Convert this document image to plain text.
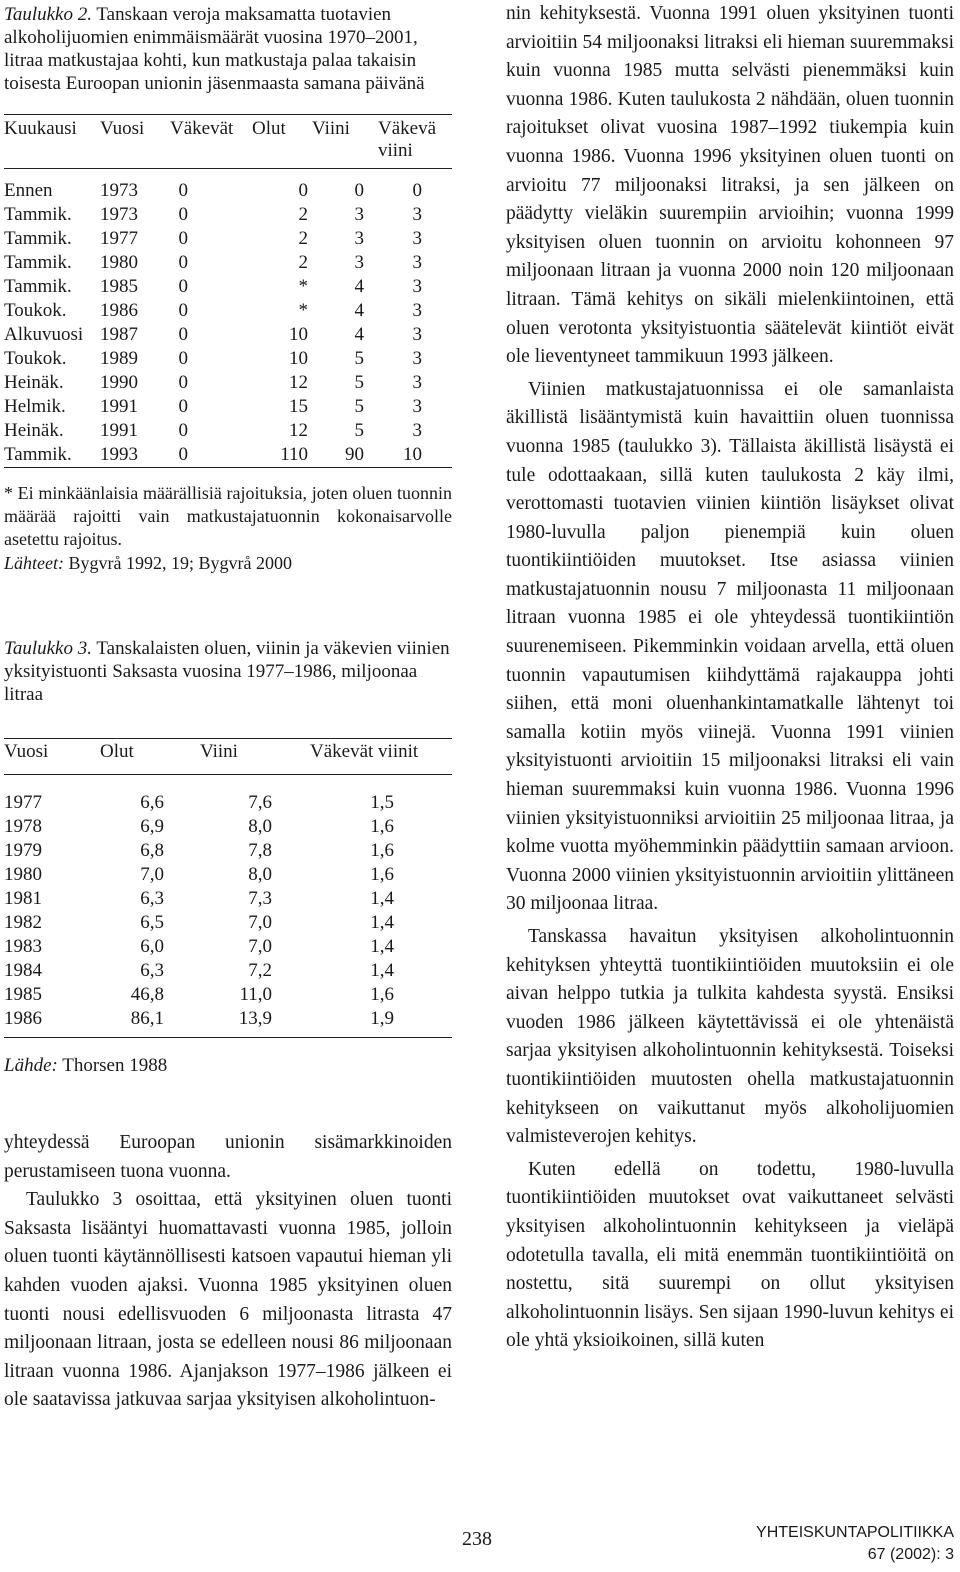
Taulukko 2. Tanskaan veroja maksamatta tuotavien alkoholijuomien enimmäismäärät vuosina 1970–2001, litraa matkustajaa kohti, kun matkustaja palaa takaisin toisesta Euroopan unionin jäsenmaasta samana päivänä
Kuukausi	Vuosi	Väkevät	Olut	Viini	Väkevä viini
Ennen	1973	0	0	0	0
Tammik.	1973	0	2	3	3
Tammik.	1977	0	2	3	3
Tammik.	1980	0	2	3	3
Tammik.	1985	0	*	4	3
Toukok.	1986	0	*	4	3
Alkuvuosi	1987	0	10	4	3
Toukok.	1989	0	10	5	3
Heinäk.	1990	0	12	5	3
Helmik.	1991	0	15	5	3
Heinäk.	1991	0	12	5	3
Tammik.	1993	0	110	90	10
* Ei minkäänlaisia määrällisiä rajoituksia, joten oluen tuonnin määrää rajoitti vain matkustajatuonnin kokonaisarvolle asetettu rajoitus.
Lähteet: Bygvrå 1992, 19; Bygvrå 2000
Taulukko 3. Tanskalaisten oluen, viinin ja väkevien viinien yksityistuonti Saksasta vuosina 1977–1986, miljoonaa litraa
Vuosi	Olut	Viini	Väkevät viinit
1977	6,6	7,6	1,5
1978	6,9	8,0	1,6
1979	6,8	7,8	1,6
1980	7,0	8,0	1,6
1981	6,3	7,3	1,4
1982	6,5	7,0	1,4
1983	6,0	7,0	1,4
1984	6,3	7,2	1,4
1985	46,8	11,0	1,6
1986	86,1	13,9	1,9
Lähde: Thorsen 1988

yhteydessä Euroopan unionin sisämarkkinoiden perustamiseen tuona vuonna.

Taulukko 3 osoittaa, että yksityinen oluen tuonti Saksasta lisääntyi huomattavasti vuonna 1985, jolloin oluen tuonti käytännöllisesti katsoen vapautui hieman yli kahden vuoden ajaksi. Vuonna 1985 yksityinen oluen tuonti nousi edellisvuoden 6 miljoonasta litrasta 47 miljoonaan litraan, josta se edelleen nousi 86 miljoonaan litraan vuonna 1986. Ajanjakson 1977–1986 jälkeen ei ole saatavissa jatkuvaa sarjaa yksityisen alkoholintuon-

nin kehityksestä. Vuonna 1991 oluen yksityinen tuonti arvioitiin 54 miljoonaksi litraksi eli hieman suuremmaksi kuin vuonna 1985 mutta selvästi pienemmäksi kuin vuonna 1986. Kuten taulukosta 2 nähdään, oluen tuonnin rajoitukset olivat vuosina 1987–1992 tiukempia kuin vuonna 1986. Vuonna 1996 yksityinen oluen tuonti on arvioitu 77 miljoonaksi litraksi, ja sen jälkeen on päädytty vieläkin suurempiin arvioihin; vuonna 1999 yksityisen oluen tuonnin on arvioitu kohonneen 97 miljoonaan litraan ja vuonna 2000 noin 120 miljoonaan litraan. Tämä kehitys on sikäli mielenkiintoinen, että oluen verotonta yksityistuontia säätelevät kiintiöt eivät ole lieventyneet tammikuun 1993 jälkeen.

Viinien matkustajatuonnissa ei ole samanlaista äkillistä lisääntymistä kuin havaittiin oluen tuonnissa vuonna 1985 (taulukko 3). Tällaista äkillistä lisäystä ei tule odottaakaan, sillä kuten taulukosta 2 käy ilmi, verottomasti tuotavien viinien kiintiön lisäykset olivat 1980-luvulla paljon pienempiä kuin oluen tuontikiintiöiden muutokset. Itse asiassa viinien matkustajatuonnin nousu 7 miljoonasta 11 miljoonaan litraan vuonna 1985 ei ole yhteydessä tuontikiintiön suurenemiseen. Pikemminkin voidaan arvella, että oluen tuonnin vapautumisen kiihdyttämä rajakauppa johti siihen, että moni oluenhankintamatkalle lähtenyt toi samalla kotiin myös viinejä. Vuonna 1991 viinien yksityistuonti arvioitiin 15 miljoonaksi litraksi eli vain hieman suuremmaksi kuin vuonna 1986. Vuonna 1996 viinien yksityistuonniksi arvioitiin 25 miljoonaa litraa, ja kolme vuotta myöhemminkin päädyttiin samaan arvioon. Vuonna 2000 viinien yksityistuonnin arvioitiin ylittäneen 30 miljoonaa litraa.

Tanskassa havaitun yksityisen alkoholintuonnin kehityksen yhteyttä tuontikiintiöiden muutoksiin ei ole aivan helppo tutkia ja tulkita kahdesta syystä. Ensiksi vuoden 1986 jälkeen käytettävissä ei ole yhtenäistä sarjaa yksityisen alkoholintuonnin kehityksestä. Toiseksi tuontikiintiöiden muutosten ohella matkustajatuonnin kehitykseen on vaikuttanut myös alkoholijuomien valmisteverojen kehitys.

Kuten edellä on todettu, 1980-luvulla tuontikiintiöiden muutokset ovat vaikuttaneet selvästi yksityisen alkoholintuonnin kehitykseen ja vieläpä odotetulla tavalla, eli mitä enemmän tuontikiintiöitä on nostettu, sitä suurempi on ollut yksityisen alkoholintuonnin lisäys. Sen sijaan 1990-luvun kehitys ei ole yhtä yksioikoinen, sillä kuten

238	YHTEISKUNTAPOLITIIKKA
67 (2002): 3
